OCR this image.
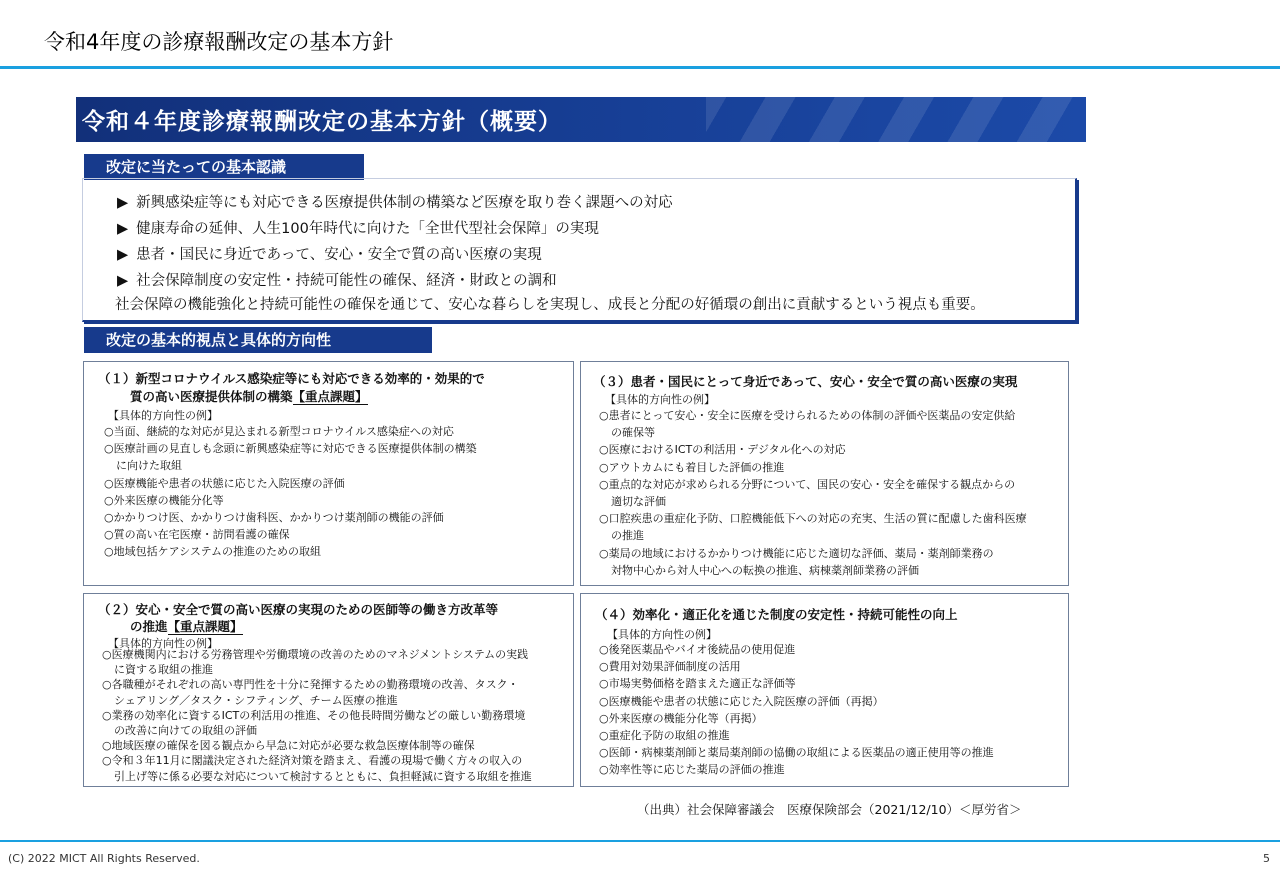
令和4年度の診療報酬改定の基本方針
令和４年度診療報酬改定の基本方針（概要）
改定に当たっての基本認識
▶ 新興感染症等にも対応できる医療提供体制の構築など医療を取り巻く課題への対応
▶ 健康寿命の延伸、人生100年時代に向けた「全世代型社会保障」の実現
▶ 患者・国民に身近であって、安心・安全で質の高い医療の実現
▶ 社会保障制度の安定性・持続可能性の確保、経済・財政との調和
社会保障の機能強化と持続可能性の確保を通じて、安心な暮らしを実現し、成長と分配の好循環の創出に貢献するという視点も重要。
改定の基本的視点と具体的方向性
（１）新型コロナウイルス感染症等にも対応できる効率的・効果的で
質の高い医療提供体制の構築【重点課題】
【具体的方向性の例】
○当面、継続的な対応が見込まれる新型コロナウイルス感染症への対応
○医療計画の見直しも念頭に新興感染症等に対応できる医療提供体制の構築
に向けた取組
○医療機能や患者の状態に応じた入院医療の評価
○外来医療の機能分化等
○かかりつけ医、かかりつけ歯科医、かかりつけ薬剤師の機能の評価
○質の高い在宅医療・訪問看護の確保
○地域包括ケアシステムの推進のための取組
（３）患者・国民にとって身近であって、安心・安全で質の高い医療の実現
【具体的方向性の例】
○患者にとって安心・安全に医療を受けられるための体制の評価や医薬品の安定供給
の確保等
○医療におけるICTの利活用・デジタル化への対応
○アウトカムにも着目した評価の推進
○重点的な対応が求められる分野について、国民の安心・安全を確保する観点からの
適切な評価
○口腔疾患の重症化予防、口腔機能低下への対応の充実、生活の質に配慮した歯科医療
の推進
○薬局の地域におけるかかりつけ機能に応じた適切な評価、薬局・薬剤師業務の
対物中心から対人中心への転換の推進、病棟薬剤師業務の評価
（２）安心・安全で質の高い医療の実現のための医師等の働き方改革等
の推進【重点課題】
【具体的方向性の例】
○医療機関内における労務管理や労働環境の改善のためのマネジメントシステムの実践
に資する取組の推進
○各職種がそれぞれの高い専門性を十分に発揮するための勤務環境の改善、タスク・
シェアリング／タスク・シフティング、チーム医療の推進
○業務の効率化に資するICTの利活用の推進、その他長時間労働などの厳しい勤務環境
の改善に向けての取組の評価
○地域医療の確保を図る観点から早急に対応が必要な救急医療体制等の確保
○令和３年11月に閣議決定された経済対策を踏まえ、看護の現場で働く方々の収入の
引上げ等に係る必要な対応について検討するとともに、負担軽減に資する取組を推進
（４）効率化・適正化を通じた制度の安定性・持続可能性の向上
【具体的方向性の例】
○後発医薬品やバイオ後続品の使用促進
○費用対効果評価制度の活用
○市場実勢価格を踏まえた適正な評価等
○医療機能や患者の状態に応じた入院医療の評価（再掲）
○外来医療の機能分化等（再掲）
○重症化予防の取組の推進
○医師・病棟薬剤師と薬局薬剤師の協働の取組による医薬品の適正使用等の推進
○効率性等に応じた薬局の評価の推進
（出典）社会保障審議会　医療保険部会（2021/12/10）＜厚労省＞
(C) 2022 MICT All Rights Reserved.	5
